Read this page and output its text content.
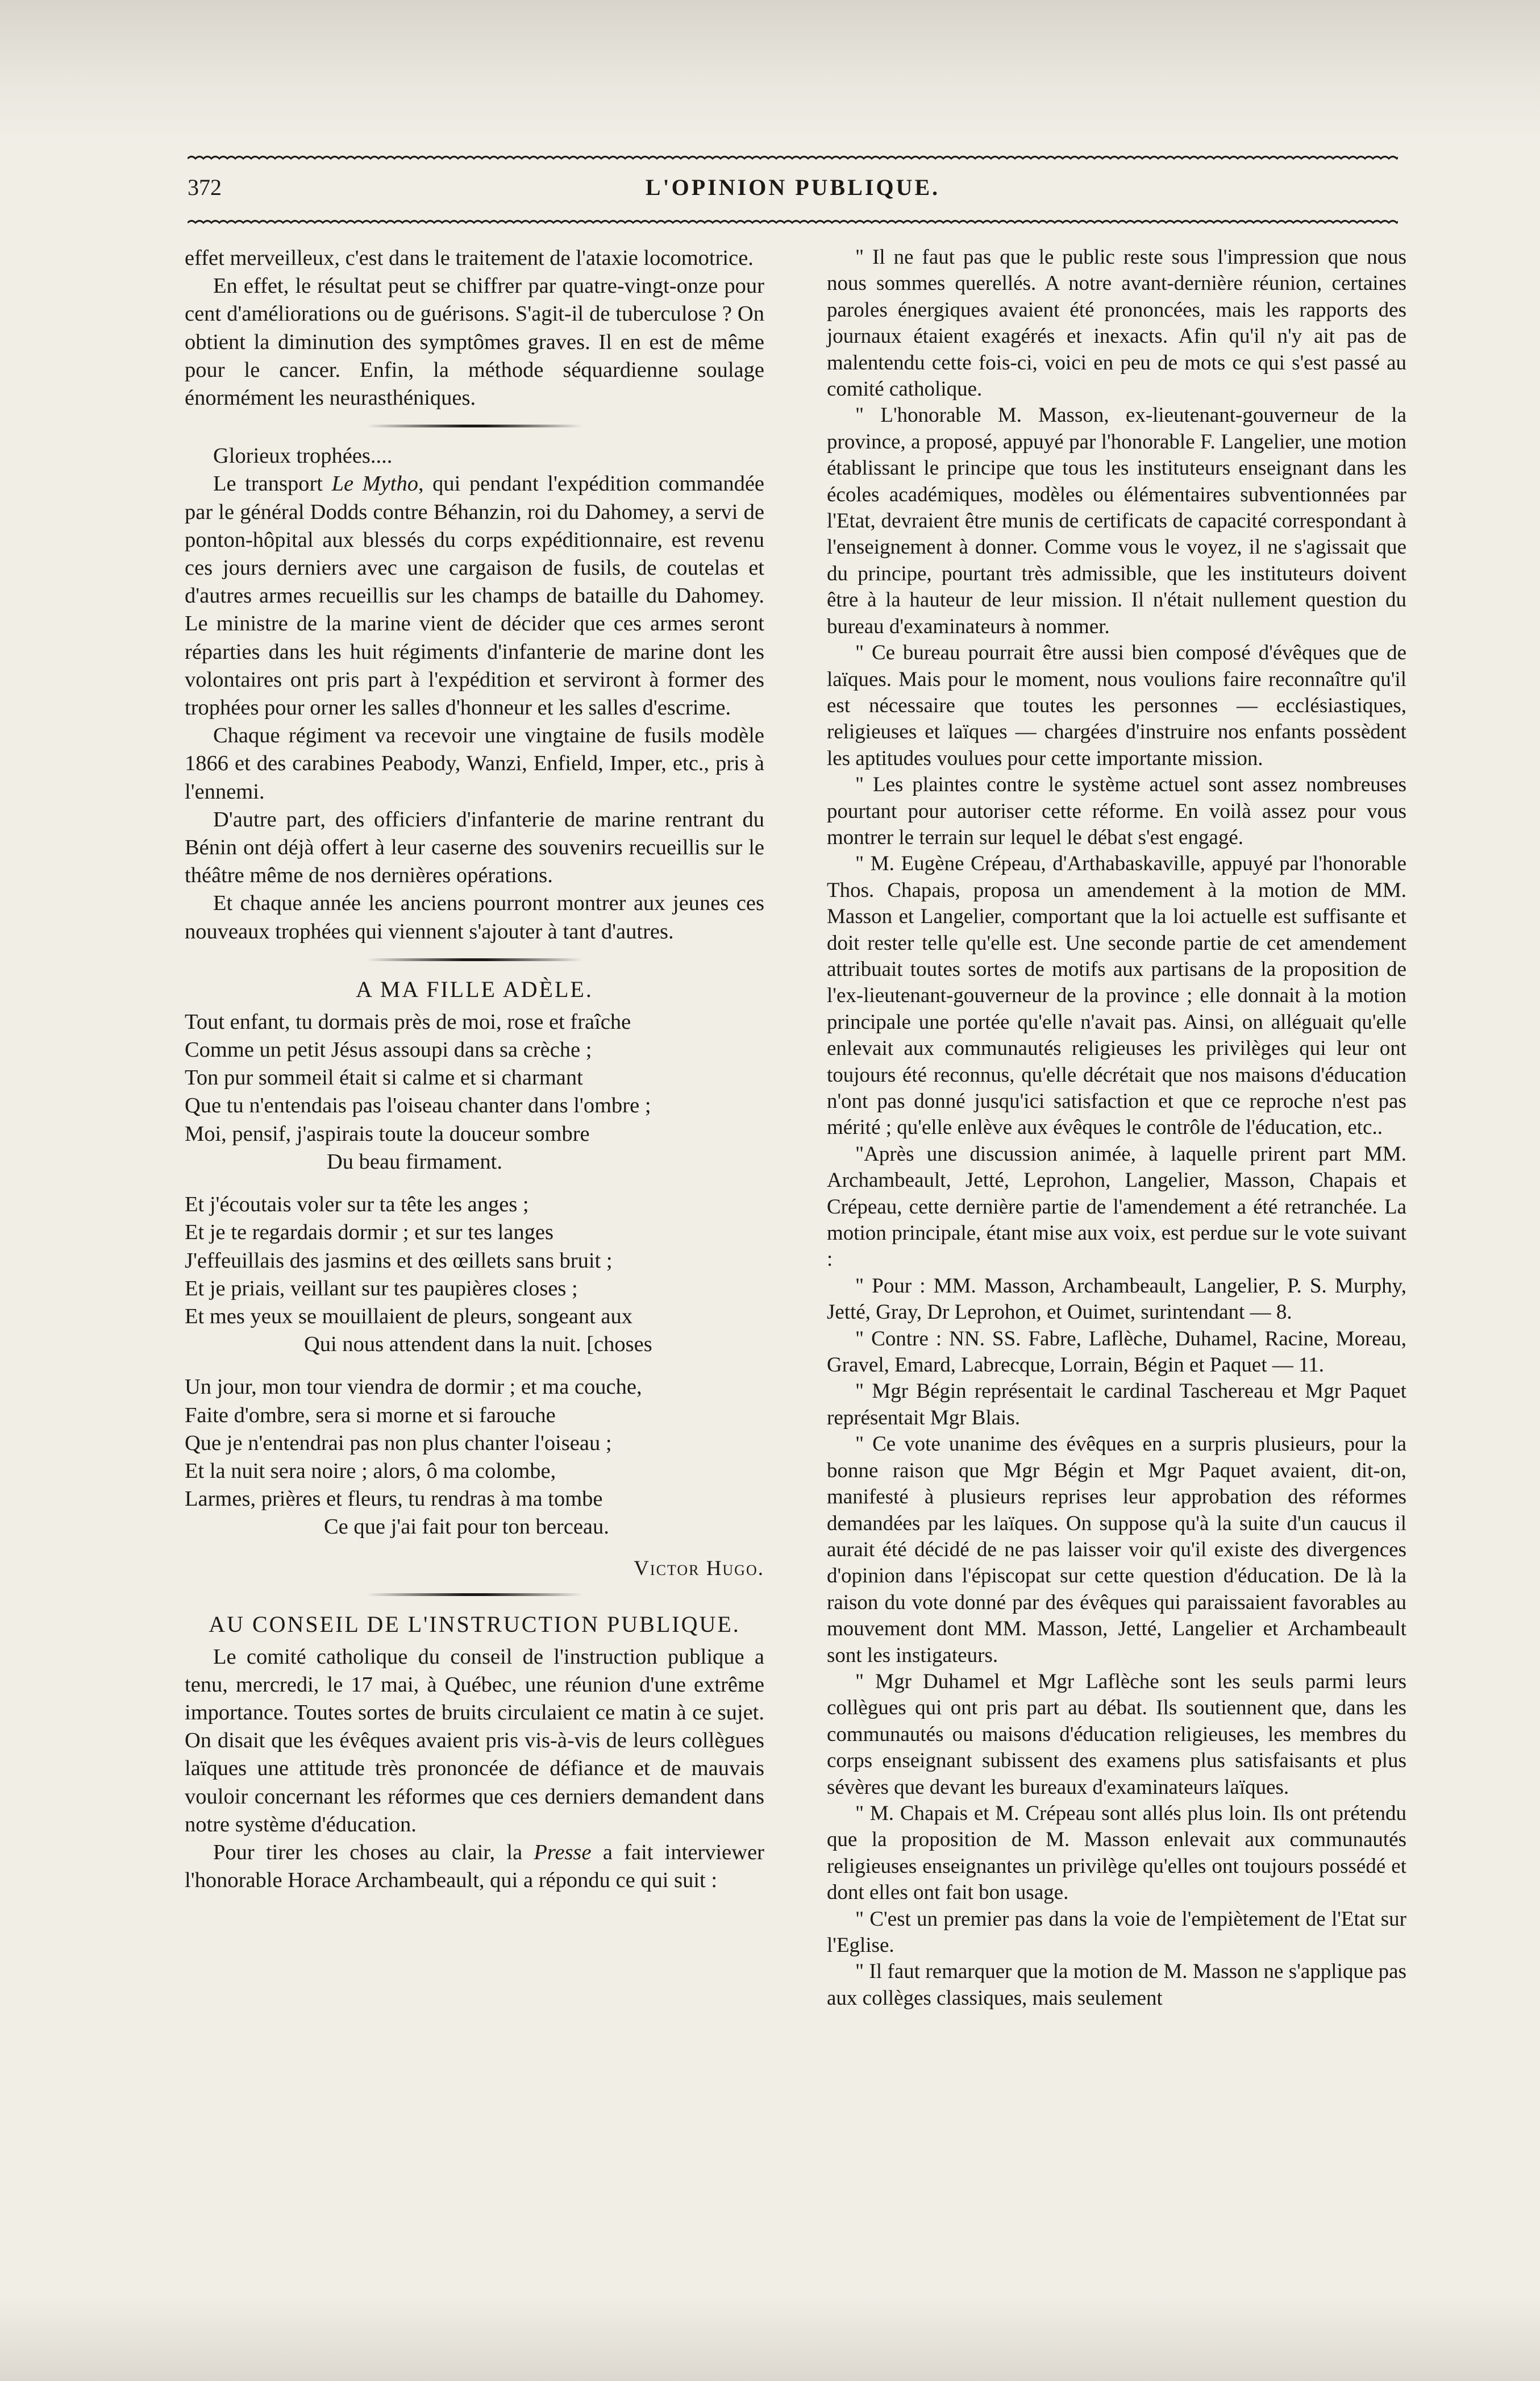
372	L'OPINION PUBLIQUE.

effet merveilleux, c'est dans le traitement de l'ataxie locomotrice.

En effet, le résultat peut se chiffrer par quatre-vingt-onze pour cent d'améliorations ou de guérisons. S'agit-il de tuberculose ? On obtient la diminution des symptômes graves. Il en est de même pour le cancer. Enfin, la méthode séquardienne soulage énormément les neurasthéniques.

Glorieux trophées....

Le transport Le Mytho, qui pendant l'expédition commandée par le général Dodds contre Béhanzin, roi du Dahomey, a servi de ponton-hôpital aux blessés du corps expéditionnaire, est revenu ces jours derniers avec une cargaison de fusils, de coutelas et d'autres armes recueillis sur les champs de bataille du Dahomey. Le ministre de la marine vient de décider que ces armes seront réparties dans les huit régiments d'infanterie de marine dont les volontaires ont pris part à l'expédition et serviront à former des trophées pour orner les salles d'honneur et les salles d'escrime.

Chaque régiment va recevoir une vingtaine de fusils modèle 1866 et des carabines Peabody, Wanzi, Enfield, Imper, etc., pris à l'ennemi.

D'autre part, des officiers d'infanterie de marine rentrant du Bénin ont déjà offert à leur caserne des souvenirs recueillis sur le théâtre même de nos dernières opérations.

Et chaque année les anciens pourront montrer aux jeunes ces nouveaux trophées qui viennent s'ajouter à tant d'autres.

A MA FILLE ADÈLE.

Tout enfant, tu dormais près de moi, rose et fraîche

Comme un petit Jésus assoupi dans sa crèche ;

Ton pur sommeil était si calme et si charmant

Que tu n'entendais pas l'oiseau chanter dans l'ombre ;

Moi, pensif, j'aspirais toute la douceur sombre

Du beau firmament.

Et j'écoutais voler sur ta tête les anges ;

Et je te regardais dormir ; et sur tes langes

J'effeuillais des jasmins et des œillets sans bruit ;

Et je priais, veillant sur tes paupières closes ;

Et mes yeux se mouillaient de pleurs, songeant aux

Qui nous attendent dans la nuit. [choses

Un jour, mon tour viendra de dormir ; et ma couche,

Faite d'ombre, sera si morne et si farouche

Que je n'entendrai pas non plus chanter l'oiseau ;

Et la nuit sera noire ; alors, ô ma colombe,

Larmes, prières et fleurs, tu rendras à ma tombe

Ce que j'ai fait pour ton berceau.

Victor Hugo.
AU CONSEIL DE L'INSTRUCTION PUBLIQUE.

Le comité catholique du conseil de l'instruction publique a tenu, mercredi, le 17 mai, à Québec, une réunion d'une extrême importance. Toutes sortes de bruits circulaient ce matin à ce sujet. On disait que les évêques avaient pris vis-à-vis de leurs collègues laïques une attitude très prononcée de défiance et de mauvais vouloir concernant les réformes que ces derniers demandent dans notre système d'éducation.

Pour tirer les choses au clair, la Presse a fait interviewer l'honorable Horace Archambeault, qui a répondu ce qui suit :

" Il ne faut pas que le public reste sous l'impression que nous nous sommes querellés. A notre avant-dernière réunion, certaines paroles énergiques avaient été prononcées, mais les rapports des journaux étaient exagérés et inexacts. Afin qu'il n'y ait pas de malentendu cette fois-ci, voici en peu de mots ce qui s'est passé au comité catholique.

" L'honorable M. Masson, ex-lieutenant-gouverneur de la province, a proposé, appuyé par l'honorable F. Langelier, une motion établissant le principe que tous les instituteurs enseignant dans les écoles académiques, modèles ou élémentaires subventionnées par l'Etat, devraient être munis de certificats de capacité correspondant à l'enseignement à donner. Comme vous le voyez, il ne s'agissait que du principe, pourtant très admissible, que les instituteurs doivent être à la hauteur de leur mission. Il n'était nullement question du bureau d'examinateurs à nommer.

" Ce bureau pourrait être aussi bien composé d'évêques que de laïques. Mais pour le moment, nous voulions faire reconnaître qu'il est nécessaire que toutes les personnes — ecclésiastiques, religieuses et laïques — chargées d'instruire nos enfants possèdent les aptitudes voulues pour cette importante mission.

" Les plaintes contre le système actuel sont assez nombreuses pourtant pour autoriser cette réforme. En voilà assez pour vous montrer le terrain sur lequel le débat s'est engagé.

" M. Eugène Crépeau, d'Arthabaskaville, appuyé par l'honorable Thos. Chapais, proposa un amendement à la motion de MM. Masson et Langelier, comportant que la loi actuelle est suffisante et doit rester telle qu'elle est. Une seconde partie de cet amendement attribuait toutes sortes de motifs aux partisans de la proposition de l'ex-lieutenant-gouverneur de la province ; elle donnait à la motion principale une portée qu'elle n'avait pas. Ainsi, on alléguait qu'elle enlevait aux communautés religieuses les privilèges qui leur ont toujours été reconnus, qu'elle décrétait que nos maisons d'éducation n'ont pas donné jusqu'ici satisfaction et que ce reproche n'est pas mérité ; qu'elle enlève aux évêques le contrôle de l'éducation, etc..

"Après une discussion animée, à laquelle prirent part MM. Archambeault, Jetté, Leprohon, Langelier, Masson, Chapais et Crépeau, cette dernière partie de l'amendement a été retranchée. La motion principale, étant mise aux voix, est perdue sur le vote suivant :

" Pour : MM. Masson, Archambeault, Langelier, P. S. Murphy, Jetté, Gray, Dr Leprohon, et Ouimet, surintendant — 8.

" Contre : NN. SS. Fabre, Laflèche, Duhamel, Racine, Moreau, Gravel, Emard, Labrecque, Lorrain, Bégin et Paquet — 11.

" Mgr Bégin représentait le cardinal Taschereau et Mgr Paquet représentait Mgr Blais.

" Ce vote unanime des évêques en a surpris plusieurs, pour la bonne raison que Mgr Bégin et Mgr Paquet avaient, dit-on, manifesté à plusieurs reprises leur approbation des réformes demandées par les laïques. On suppose qu'à la suite d'un caucus il aurait été décidé de ne pas laisser voir qu'il existe des divergences d'opinion dans l'épiscopat sur cette question d'éducation. De là la raison du vote donné par des évêques qui paraissaient favorables au mouvement dont MM. Masson, Jetté, Langelier et Archambeault sont les instigateurs.

" Mgr Duhamel et Mgr Laflèche sont les seuls parmi leurs collègues qui ont pris part au débat. Ils soutiennent que, dans les communautés ou maisons d'éducation religieuses, les membres du corps enseignant subissent des examens plus satisfaisants et plus sévères que devant les bureaux d'examinateurs laïques.

" M. Chapais et M. Crépeau sont allés plus loin. Ils ont prétendu que la proposition de M. Masson enlevait aux communautés religieuses enseignantes un privilège qu'elles ont toujours possédé et dont elles ont fait bon usage.

" C'est un premier pas dans la voie de l'empiètement de l'Etat sur l'Eglise.

" Il faut remarquer que la motion de M. Masson ne s'applique pas aux collèges classiques, mais seulement
